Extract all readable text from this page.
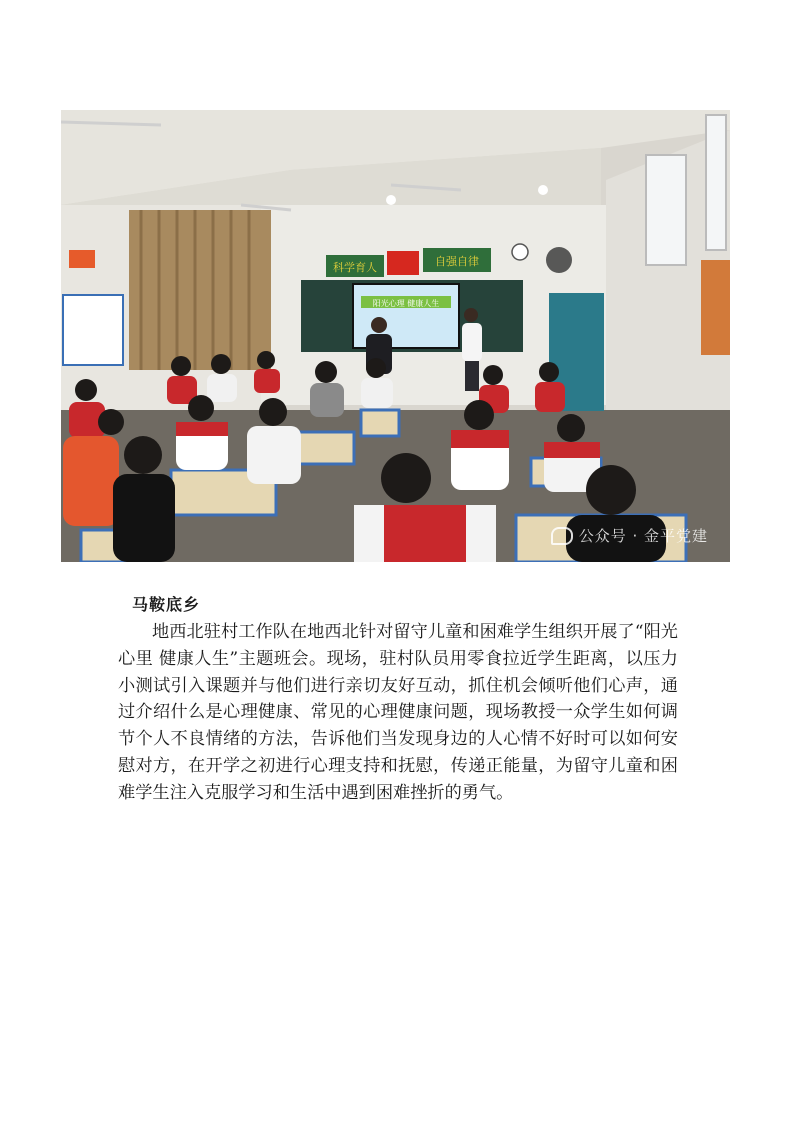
科学育人	自强自律
阳光心理 健康人生
公众号 · 金平党建
马鞍底乡

地西北驻村工作队在地西北针对留守儿童和困难学生组织开展了“阳光心里 健康人生”主题班会。现场，驻村队员用零食拉近学生距离，以压力小测试引入课题并与他们进行亲切友好互动，抓住机会倾听他们心声，通过介绍什么是心理健康、常见的心理健康问题，现场教授一众学生如何调节个人不良情绪的方法，告诉他们当发现身边的人心情不好时可以如何安慰对方，在开学之初进行心理支持和抚慰，传递正能量，为留守儿童和困难学生注入克服学习和生活中遇到困难挫折的勇气。
